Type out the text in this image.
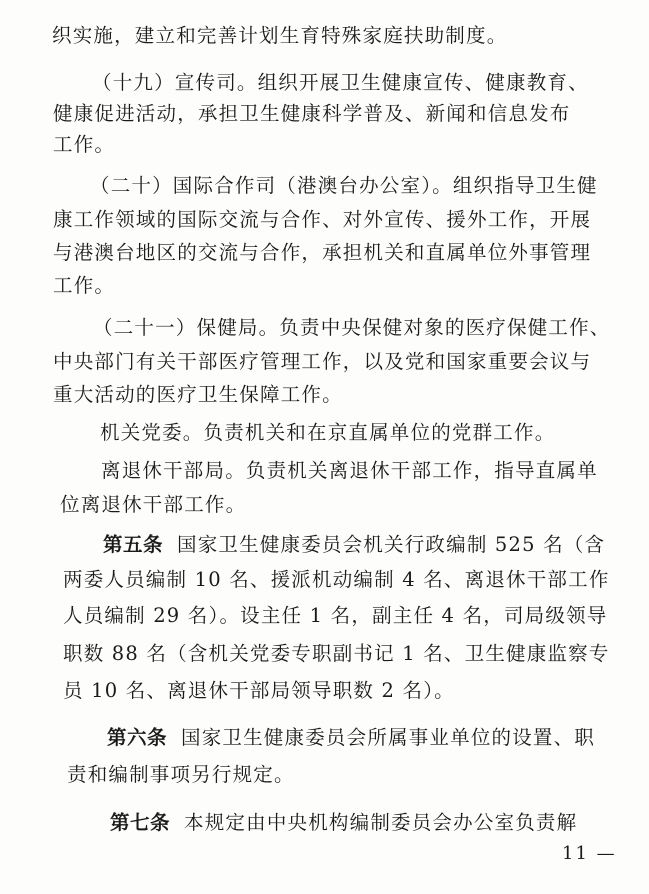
织实施，建立和完善计划生育特殊家庭扶助制度。
（十九）宣传司。组织开展卫生健康宣传、健康教育、
健康促进活动，承担卫生健康科学普及、新闻和信息发布
工作。
（二十）国际合作司（港澳台办公室）。组织指导卫生健
康工作领域的国际交流与合作、对外宣传、援外工作，开展
与港澳台地区的交流与合作，承担机关和直属单位外事管理
工作。
（二十一）保健局。负责中央保健对象的医疗保健工作、
中央部门有关干部医疗管理工作，以及党和国家重要会议与
重大活动的医疗卫生保障工作。
机关党委。负责机关和在京直属单位的党群工作。
离退休干部局。负责机关离退休干部工作，指导直属单
位离退休干部工作。
第五条 国家卫生健康委员会机关行政编制 525 名（含
两委人员编制 10 名、援派机动编制 4 名、离退休干部工作
人员编制 29 名）。设主任 1 名，副主任 4 名，司局级领导
职数 88 名（含机关党委专职副书记 1 名、卫生健康监察专
员 10 名、离退休干部局领导职数 2 名）。
第六条 国家卫生健康委员会所属事业单位的设置、职
责和编制事项另行规定。
第七条 本规定由中央机构编制委员会办公室负责解
11 —
